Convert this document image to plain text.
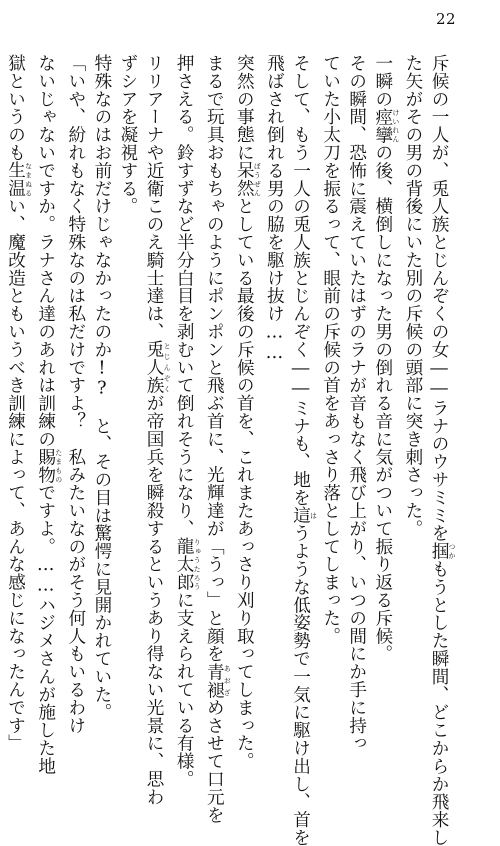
22
斥候の一人が、兎人族とじんぞくの女――ラナのウサミミを掴 つかもうとした瞬間、どこからか飛来し
た矢がその男の背後にいた別の斥候の頭部に突き刺さった。
一瞬の痙攣 けいれんの後、横倒しになった男の倒れる音に気がついて振り返る斥候。
その瞬間、恐怖に震えていたはずのラナが音もなく飛び上がり、いつの間にか手に持っ
ていた小太刀を振るって、眼前の斥候の首をあっさり落としてしまった。
そして、もう一人の兎人族とじんぞく――ミナも、地を這 はうような低姿勢で一気に駆け出し、首を
飛ばされ倒れる男の脇を駆け抜け……
突然の事態に呆然 ぼうぜんとしている最後の斥候の首を、これまたあっさり刈り取ってしまった。
まるで玩具おもちゃのようにポンポンと飛ぶ首に、光輝達が「うっ」と顔を青褪 あおざめさせて口元を
押さえる。鈴すずなど半分白目を剥むいて倒れそうになり、龍太郎 りゅうたろうに支えられている有様。
リリアーナや近衛このえ騎士達は、兎人族 とじんぞくが帝国兵を瞬殺するというあり得ない光景に、思わ
ずシアを凝視する。
特殊なのはお前だけじゃなかったのか!?　と、その目は驚愕に見開かれていた。
「いや、紛れもなく特殊なのは私だけですよ？　私みたいなのがそう何人もいるわけ
ないじゃないですか。ラナさん達のあれは訓練の賜物 たまものですよ。……ハジメさんが施した地
獄というのも生温 なまぬるい、魔改造ともいうべき訓練によって、あんな感じになったんです」
